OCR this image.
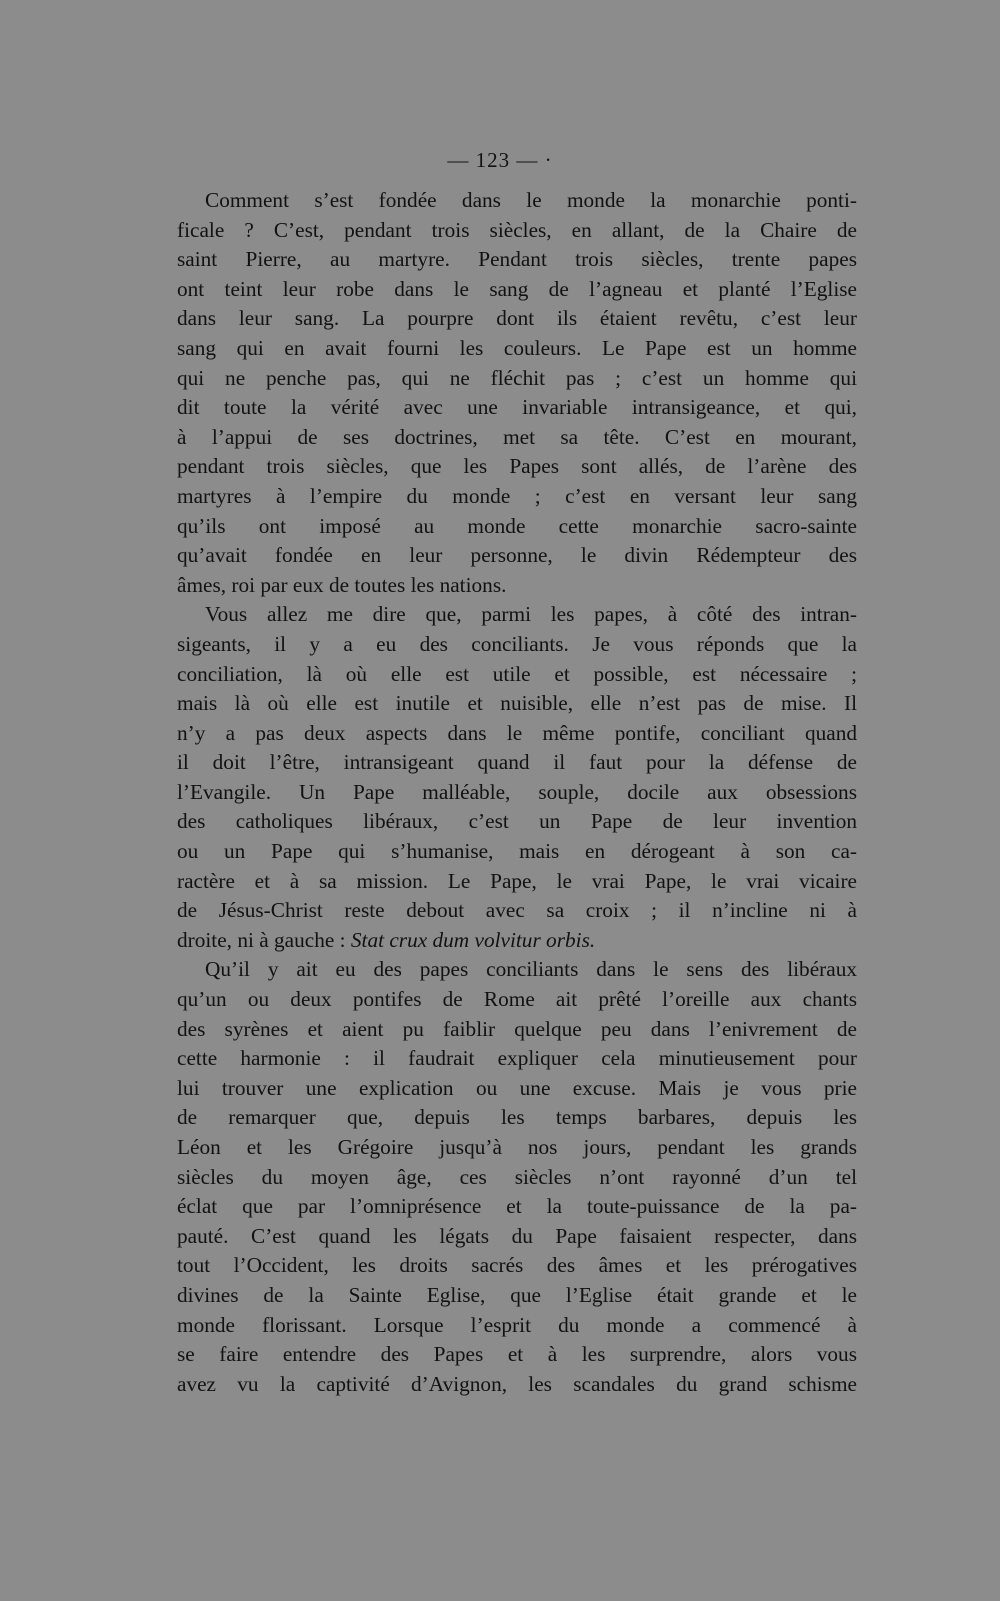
— 123 — ·
Comment s’est fondée dans le monde la monarchie ponti-
ficale ? C’est, pendant trois siècles, en allant, de la Chaire de
saint Pierre, au martyre. Pendant trois siècles, trente papes
ont teint leur robe dans le sang de l’agneau et planté l’Eglise
dans leur sang. La pourpre dont ils étaient revêtu, c’est leur
sang qui en avait fourni les couleurs. Le Pape est un homme
qui ne penche pas, qui ne fléchit pas ; c’est un homme qui
dit toute la vérité avec une invariable intransigeance, et qui,
à l’appui de ses doctrines, met sa tête. C’est en mourant,
pendant trois siècles, que les Papes sont allés, de l’arène des
martyres à l’empire du monde ; c’est en versant leur sang
qu’ils ont imposé au monde cette monarchie sacro-sainte
qu’avait fondée en leur personne, le divin Rédempteur des
âmes, roi par eux de toutes les nations.
Vous allez me dire que, parmi les papes, à côté des intran-
sigeants, il y a eu des conciliants. Je vous réponds que la
conciliation, là où elle est utile et possible, est nécessaire ;
mais là où elle est inutile et nuisible, elle n’est pas de mise. Il
n’y a pas deux aspects dans le même pontife, conciliant quand
il doit l’être, intransigeant quand il faut pour la défense de
l’Evangile. Un Pape malléable, souple, docile aux obsessions
des catholiques libéraux, c’est un Pape de leur invention
ou un Pape qui s’humanise, mais en dérogeant à son ca-
ractère et à sa mission. Le Pape, le vrai Pape, le vrai vicaire
de Jésus-Christ reste debout avec sa croix ; il n’incline ni à
droite, ni à gauche : Stat crux dum volvitur orbis.
Qu’il y ait eu des papes conciliants dans le sens des libéraux
qu’un ou deux pontifes de Rome ait prêté l’oreille aux chants
des syrènes et aient pu faiblir quelque peu dans l’enivrement de
cette harmonie : il faudrait expliquer cela minutieusement pour
lui trouver une explication ou une excuse. Mais je vous prie
de remarquer que, depuis les temps barbares, depuis les
Léon et les Grégoire jusqu’à nos jours, pendant les grands
siècles du moyen âge, ces siècles n’ont rayonné d’un tel
éclat que par l’omniprésence et la toute-puissance de la pa-
pauté. C’est quand les légats du Pape faisaient respecter, dans
tout l’Occident, les droits sacrés des âmes et les prérogatives
divines de la Sainte Eglise, que l’Eglise était grande et le
monde florissant. Lorsque l’esprit du monde a commencé à
se faire entendre des Papes et à les surprendre, alors vous
avez vu la captivité d’Avignon, les scandales du grand schisme
